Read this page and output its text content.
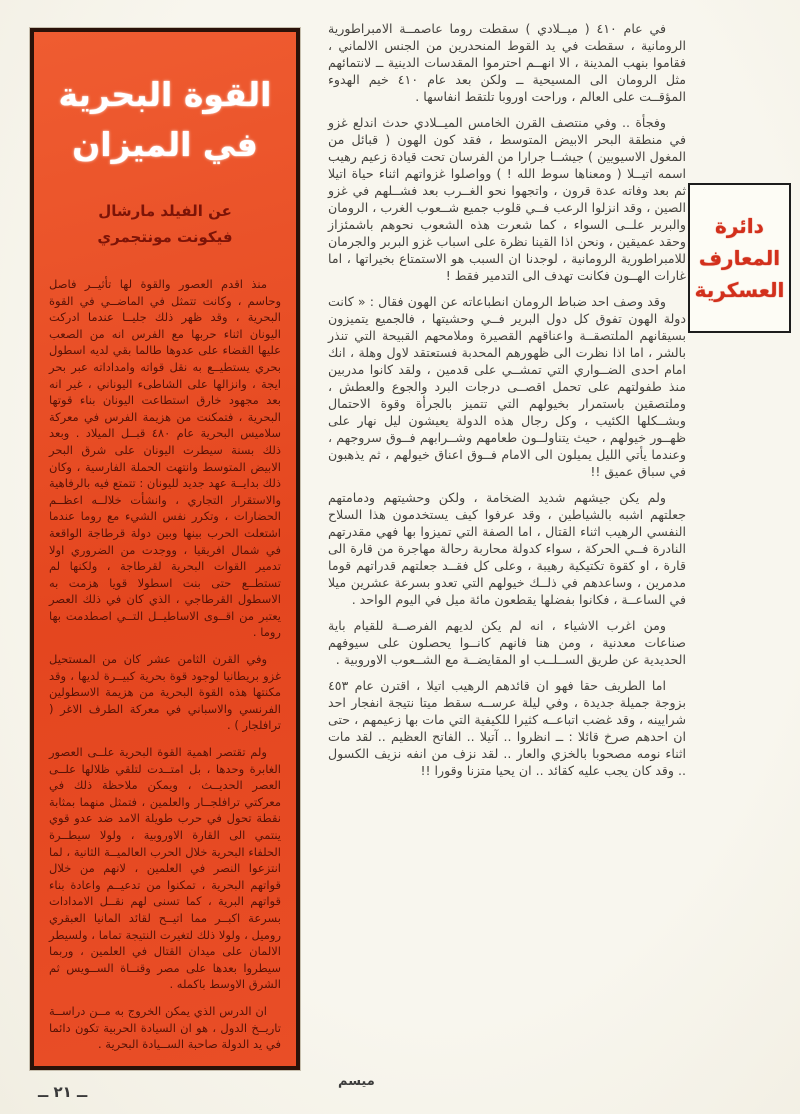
القوة البحرية
في الميزان
عن الفيلد مارشال
فيكونت مونتجمري

منذ اقدم العصور والقوة لها تأثيــر فاصل وحاسم ، وكانت تتمثل في الماضــي في القوة البحرية ، وقد ظهر ذلك جليــا عندما ادركت اليونان اثناء حربها مع الفرس انه من الصعب عليها القضاء على عدوها طالما بقي لديه اسطول بحري يستطيــع به نقل قواته وامداداته عبر بحر ايجة ، وانزالها على الشاطىء اليوناني ، غير انه بعد مجهود خارق استطاعت اليونان بناء قوتها البحرية ، فتمكنت من هزيمة الفرس في معركة سلاميس البحرية عام ٤٨٠ قبــل الميلاد . وبعد ذلك بسنة سيطرت اليونان على شرق البحر الابيض المتوسط وانتهت الحملة الفارسية ، وكان ذلك بدايــة عهد جديد لليونان : تتمتع فيه بالرفاهية والاستقرار التجاري ، وانشأت خلالــه اعظــم الحضارات ، وتكرر نفس الشيء مع روما عندما اشتعلت الحرب بينها وبين دولة قرطاجة الواقعة في شمال افريقيا ، ووجدت من الضروري اولا تدمير القوات البحرية لقرطاجة ، ولكنها لم تستطــع حتى بنت اسطولا قويا هزمت به الاسطول القرطاجي ، الذي كان في ذلك العصر يعتبر من اقــوى الاساطيــل التــي اصطدمت بها روما .

وفي القرن الثامن عشر كان من المستحيل غزو بريطانيا لوجود قوة بحرية كبيــرة لديها ، وقد مكنتها هذه القوة البحرية من هزيمة الاسطولين الفرنسي والاسباني في معركة الطرف الاغر ( ترافلجار ) .

ولم تقتصر اهمية القوة البحرية علــى العصور الغابرة وحدها ، بل امتــدت لتلقي ظلالها علــى العصر الحديــث ، ويمكن ملاحظة ذلك في معركتي ترافلجــار والعلمين ، فتمثل منهما بمثابة نقطة تحول في حرب طويلة الامد ضد عدو قوي ينتمي الى القارة الاوروبية ، ولولا سيطــرة الحلفاء البحرية خلال الحرب العالميــة الثانية ، لما انتزعوا النصر في العلمين ، لانهم من خلال قواتهم البحرية ، تمكنوا من تدعيــم واعادة بناء قواتهم البرية ، كما تسنى لهم نقــل الامدادات بسرعة اكبــر مما اتيــح لقائد المانيا العبقري روميل ، ولولا ذلك لتغيرت النتيجة تماما ، ولسيطر الالمان على ميدان القتال في العلمين ، وربما سيطروا بعدها على مصر وقنــاة الســويس ثم الشرق الاوسط باكمله .

ان الدرس الذي يمكن الخروج به مــن دراســة تاريــخ الدول ، هو ان السيادة الحربية تكون دائما في يد الدولة صاحبة الســيادة البحرية .

دائرة
المعارف
العسكرية

في عام ٤١٠ ( ميــلادي ) سقطت روما عاصمــة الامبراطورية الرومانية ، سقطت في يد القوط المنحدرين من الجنس الالماني ، فقاموا بنهب المدينة ، الا انهــم احترموا المقدسات الدينية ــ لانتمائهم مثل الرومان الى المسيحية ــ ولكن بعد عام ٤١٠ خيم الهدوء المؤقــت على العالم ، وراحت اوروبا تلتقط انفاسها .

وفجأة .. وفي منتصف القرن الخامس الميــلادي حدث اندلع غزو في منطقة البحر الابيض المتوسط ، فقد كون الهون ( قبائل من المغول الاسيويين ) جيشــا جرارا من الفرسان تحت قيادة زعيم رهيب اسمه اتيــلا ( ومعناها سوط الله ! ) وواصلوا غزواتهم اثناء حياة اتيلا ثم بعد وفاته عدة قرون ، واتجهوا نحو الغــرب بعد فشــلهم في غزو الصين ، وقد انزلوا الرعب فــي قلوب جميع شــعوب الغرب ، الرومان والبربر علــى السواء ، كما شعرت هذه الشعوب نحوهم باشمئزاز وحقد عميقين ، ونحن اذا القينا نظرة على اسباب غزو البربر والجرمان للامبراطورية الرومانية ، لوجدنا ان السبب هو الاستمتاع بخيراتها ، اما غارات الهــون فكانت تهدف الى التدمير فقط !

وقد وصف احد ضباط الرومان انطباعاته عن الهون فقال : « كانت دولة الهون تفوق كل دول البرير فــي وحشيتها ، فالجميع يتميزون بسيقانهم الملتصقــة واعناقهم القصيرة وملامحهم القبيحة التي تنذر بالشر ، اما اذا نظرت الى ظهورهم المحدبة فستعتقد لاول وهلة ، انك امام احدى الضــواري التي تمشــي على قدمين ، ولقد كانوا مدربين منذ طفولتهم على تحمل اقصــى درجات البرد والجوع والعطش ، وملتصقين باستمرار بخيولهم التي تتميز بالجرأة وقوة الاحتمال وبشــكلها الكئيب ، وكل رجال هذه الدولة يعيشون ليل نهار على ظهــور خيولهم ، حيث يتناولــون طعامهم وشــرابهم فــوق سروجهم ، وعندما يأتي الليل يميلون الى الامام فــوق اعناق خيولهم ، ثم يذهبون في سباق عميق !!

ولم يكن جيشهم شديد الضخامة ، ولكن وحشيتهم ودمامتهم جعلتهم اشبه بالشياطين ، وقد عرفوا كيف يستخدمون هذا السلاح النفسي الرهيب اثناء القتال ، اما الصفة التي تميزوا بها فهي مقدرتهم النادرة فــي الحركة ، سواء كدولة محاربة رحالة مهاجرة من قارة الى قارة ، او كقوة تكتيكية رهيبة ، وعلى كل فقــد جعلتهم قدراتهم قوما مدمرين ، وساعدهم في ذلــك خيولهم التي تعدو بسرعة عشرين ميلا في الساعــة ، فكانوا بفضلها يقطعون مائة ميل في اليوم الواحد .

ومن اغرب الاشياء ، انه لم يكن لديهم الفرصــة للقيام باية صناعات معدنية ، ومن هنا فانهم كانــوا يحصلون على سيوفهم الحديدية عن طريق الســلــب او المقايضــة مع الشــعوب الاوروبية .

اما الطريف حقا فهو ان قائدهم الرهيب اتيلا ، اقترن عام ٤٥٣ بزوجة جميلة جديدة ، وفي ليلة عرســه سقط ميتا نتيجة انفجار احد شرايينه ، وقد غضب اتباعــه كثيرا للكيفية التي مات بها زعيمهم ، حتى ان احدهم صرخ قائلا : ــ انظروا .. آتيلا .. الفاتح العظيم .. لقد مات اثناء نومه مصحوبا بالخزي والعار .. لقد نزف من انفه نزيف الكسول .. وقد كان يجب عليه كقائد .. ان يحيا متزنا وقورا !!

ــ ٢١ ــ
ميسم
